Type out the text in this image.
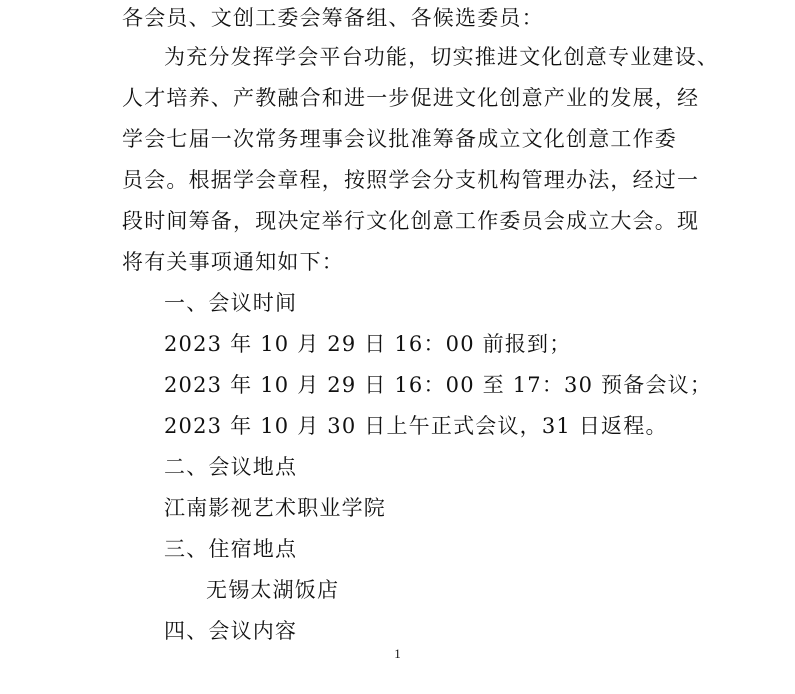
各会员、文创工委会筹备组、各候选委员：
为充分发挥学会平台功能，切实推进文化创意专业建设、
人才培养、产教融合和进一步促进文化创意产业的发展，经
学会七届一次常务理事会议批准筹备成立文化创意工作委
员会。根据学会章程，按照学会分支机构管理办法，经过一
段时间筹备，现决定举行文化创意工作委员会成立大会。现
将有关事项通知如下：
一、会议时间
2023 年 10 月 29 日 16：00 前报到；
2023 年 10 月 29 日 16：00 至 17：30 预备会议；
2023 年 10 月 30 日上午正式会议，31 日返程。
二、会议地点
江南影视艺术职业学院
三、住宿地点
无锡太湖饭店
四、会议内容
1
